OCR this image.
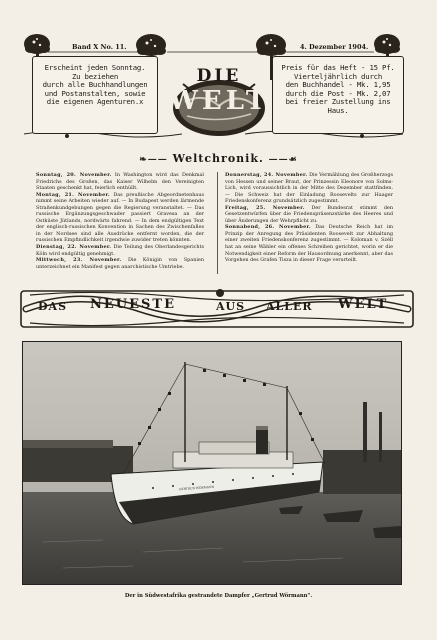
Band X No. 11.	4. Dezember 1904.
Erscheint jeden Sonntag.
Zu beziehen
durch alle Buchhandlungen
und Postanstalten, sowie
die eigenen Agenturen.x
Preis für das Heft - 15 Pf.
Vierteljährlich durch
den Buchhandel - Mk. 1,95
durch die Post - Mk. 2,07
bei freier Zustellung ins Haus.
DIE
WELT
❧—— Weltchronik. ——☙

Sonntag, 20. November. In Washington wird das Denkmal Friedrichs des Großen, das Kaiser Wilhelm den Vereinigten Staaten geschenkt hat, feierlich enthüllt.

Montag, 21. November. Das preußische Abgeordnetenhaus nimmt seine Arbeiten wieder auf. — In Budapest werden lärmende Straßenkundgebungen gegen die Regierung veranstaltet. — Das russische Ergänzungsgeschwader passiert Gravesa an der Ostküste Jütlands, nordwärts fahrend. — In dem endgültigen Text der englisch-russischen Konvention in Sachen des Zwischenfalles in der Nordsee sind alle Ausdrücke entfernt worden, die der russischen Empfindlichkeit irgendwie zuwider treten könnten.

Dienstag, 22. November. Die Teilung des Oberlandesgerichts Köln wird endgültig genehmigt.

Mittwoch, 23. November. Die Königin von Spanien unterzeichnet ein Manifest gegen anarchistische Umtriebe.

Donnerstag, 24. November. Die Vermählung des Großherzogs von Hessen und seiner Braut, der Prinzessin Eleonore von Solms-Lich, wird voraussichtlich in der Mitte des Dezember stattfinden. — Die Schweiz hat der Einladung Roosevelts zur Haager Friedenskonferenz grundsätzlich zugestimmt.

Freitag, 25. November. Der Bundesrat stimmt den Gesetzentwürfen über die Friedenspräsenzstärke des Heeres und über Änderungen der Wehrpflicht zu.

Sonnabend, 26. November. Das Deutsche Reich hat im Prinzip der Anregung des Präsidenten Roosevelt zur Abhaltung einer zweiten Friedenskonferenz zugestimmt. — Koloman v. Széll hat an seine Wähler ein offenes Schreiben gerichtet, worin er die Notwendigkeit einer Reform der Hausordnung anerkennt, aber das Vorgehen des Grafen Tisza in dieser Frage verurteilt.

DAS NEUESTE	AUS ALLER WELT
GERTRUD WÖRMANN
Der in Südwestafrika gestrandete Dampfer „Gertrud Wörmann“.
